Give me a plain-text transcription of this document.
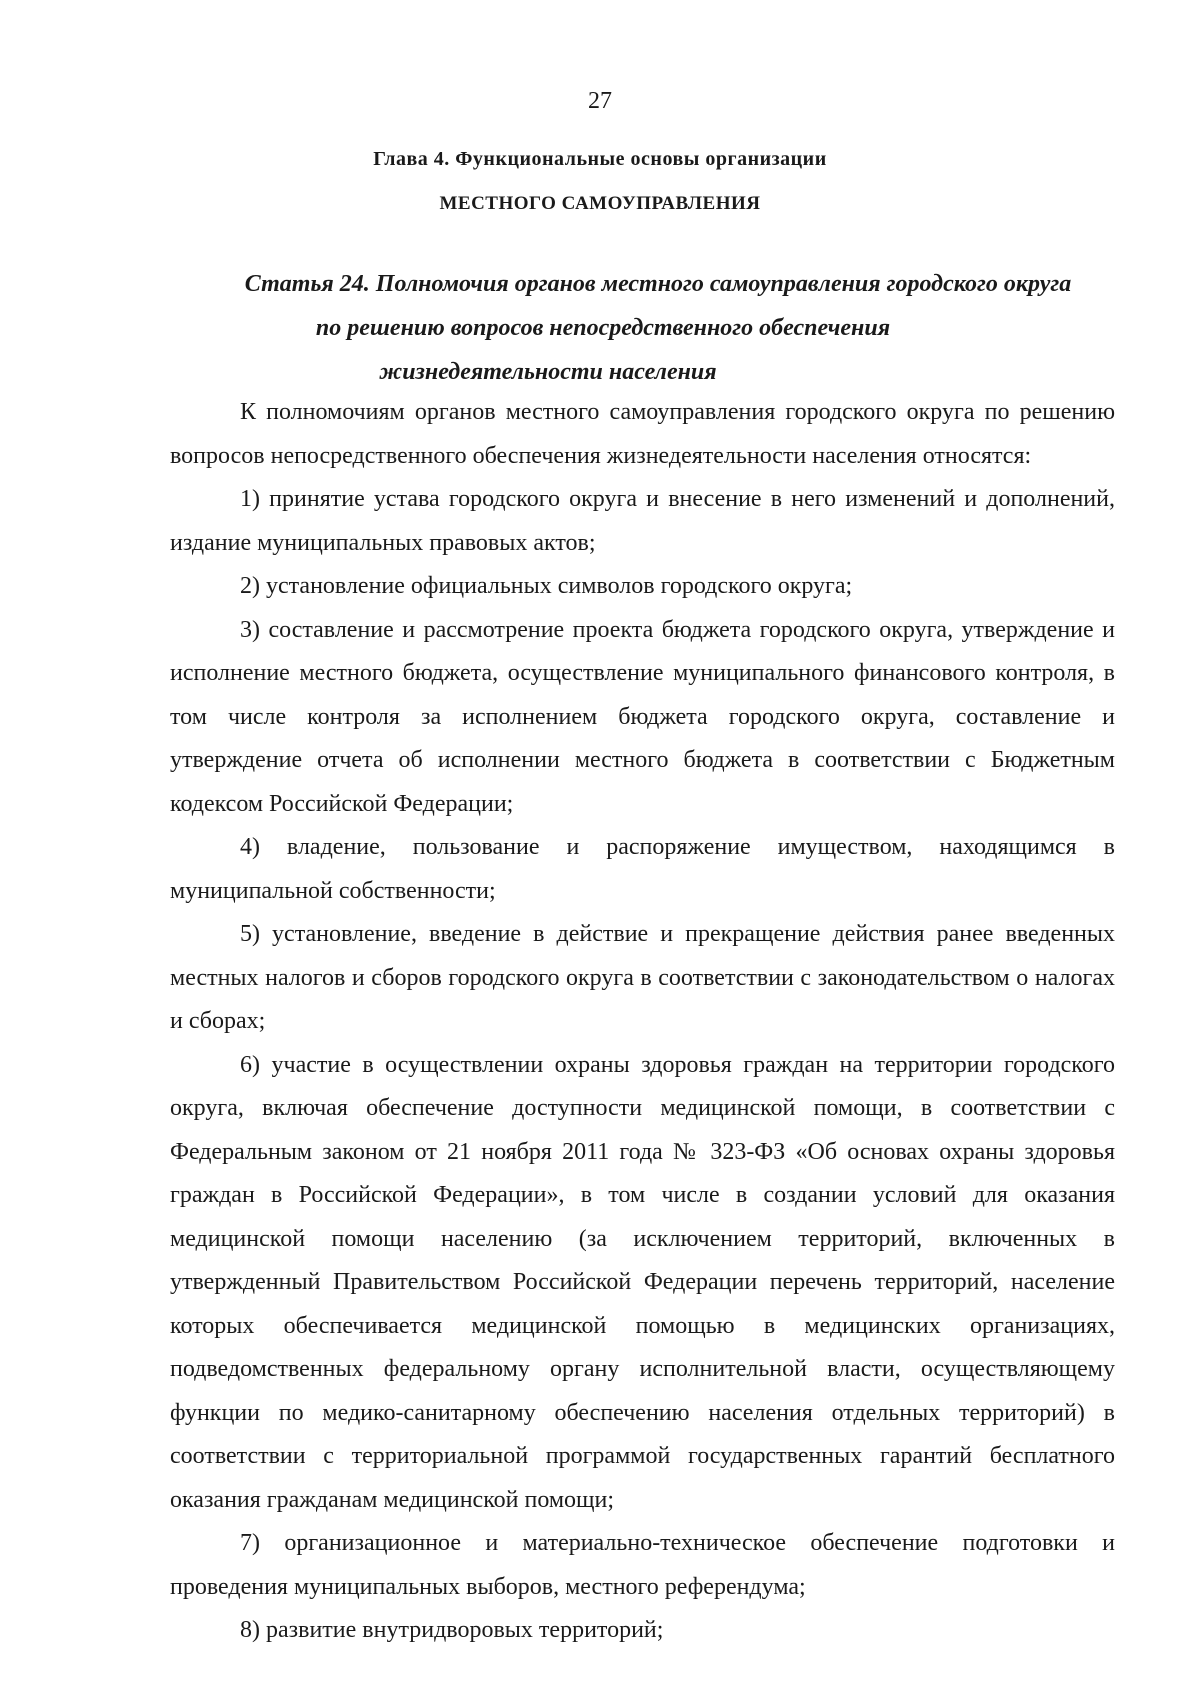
27
Глава 4. Функциональные основы организации
МЕСТНОГО САМОУПРАВЛЕНИЯ
Статья 24. Полномочия органов местного самоуправления городского округа
по решению вопросов непосредственного обеспечения
жизнедеятельности населения

К полномочиям органов местного самоуправления городского округа по решению вопросов непосредственного обеспечения жизнедеятельности населения относятся:

1) принятие устава городского округа и внесение в него изменений и дополнений, издание муниципальных правовых актов;

2) установление официальных символов городского округа;

3) составление и рассмотрение проекта бюджета городского округа, утверждение и исполнение местного бюджета, осуществление муниципального финансового контроля, в том числе контроля за исполнением бюджета городского округа, составление и утверждение отчета об исполнении местного бюджета в соответствии с Бюджетным кодексом Российской Федерации;

4) владение, пользование и распоряжение имуществом, находящимся в муниципальной собственности;

5) установление, введение в действие и прекращение действия ранее введенных местных налогов и сборов городского округа в соответствии с законодательством о налогах и сборах;

6) участие в осуществлении охраны здоровья граждан на территории городского округа, включая обеспечение доступности медицинской помощи, в соответствии с Федеральным законом от 21 ноября 2011 года № 323-ФЗ «Об основах охраны здоровья граждан в Российской Федерации», в том числе в создании условий для оказания медицинской помощи населению (за исключением территорий, включенных в утвержденный Правительством Российской Федерации перечень территорий, население которых обеспечивается медицинской помощью в медицинских организациях, подведомственных федеральному органу исполнительной власти, осуществляющему функции по медико-санитарному обеспечению населения отдельных территорий) в соответствии с территориальной программой государственных гарантий бесплатного оказания гражданам медицинской помощи;

7) организационное и материально-техническое обеспечение подготовки и проведения муниципальных выборов, местного референдума;

8) развитие внутридворовых территорий;
